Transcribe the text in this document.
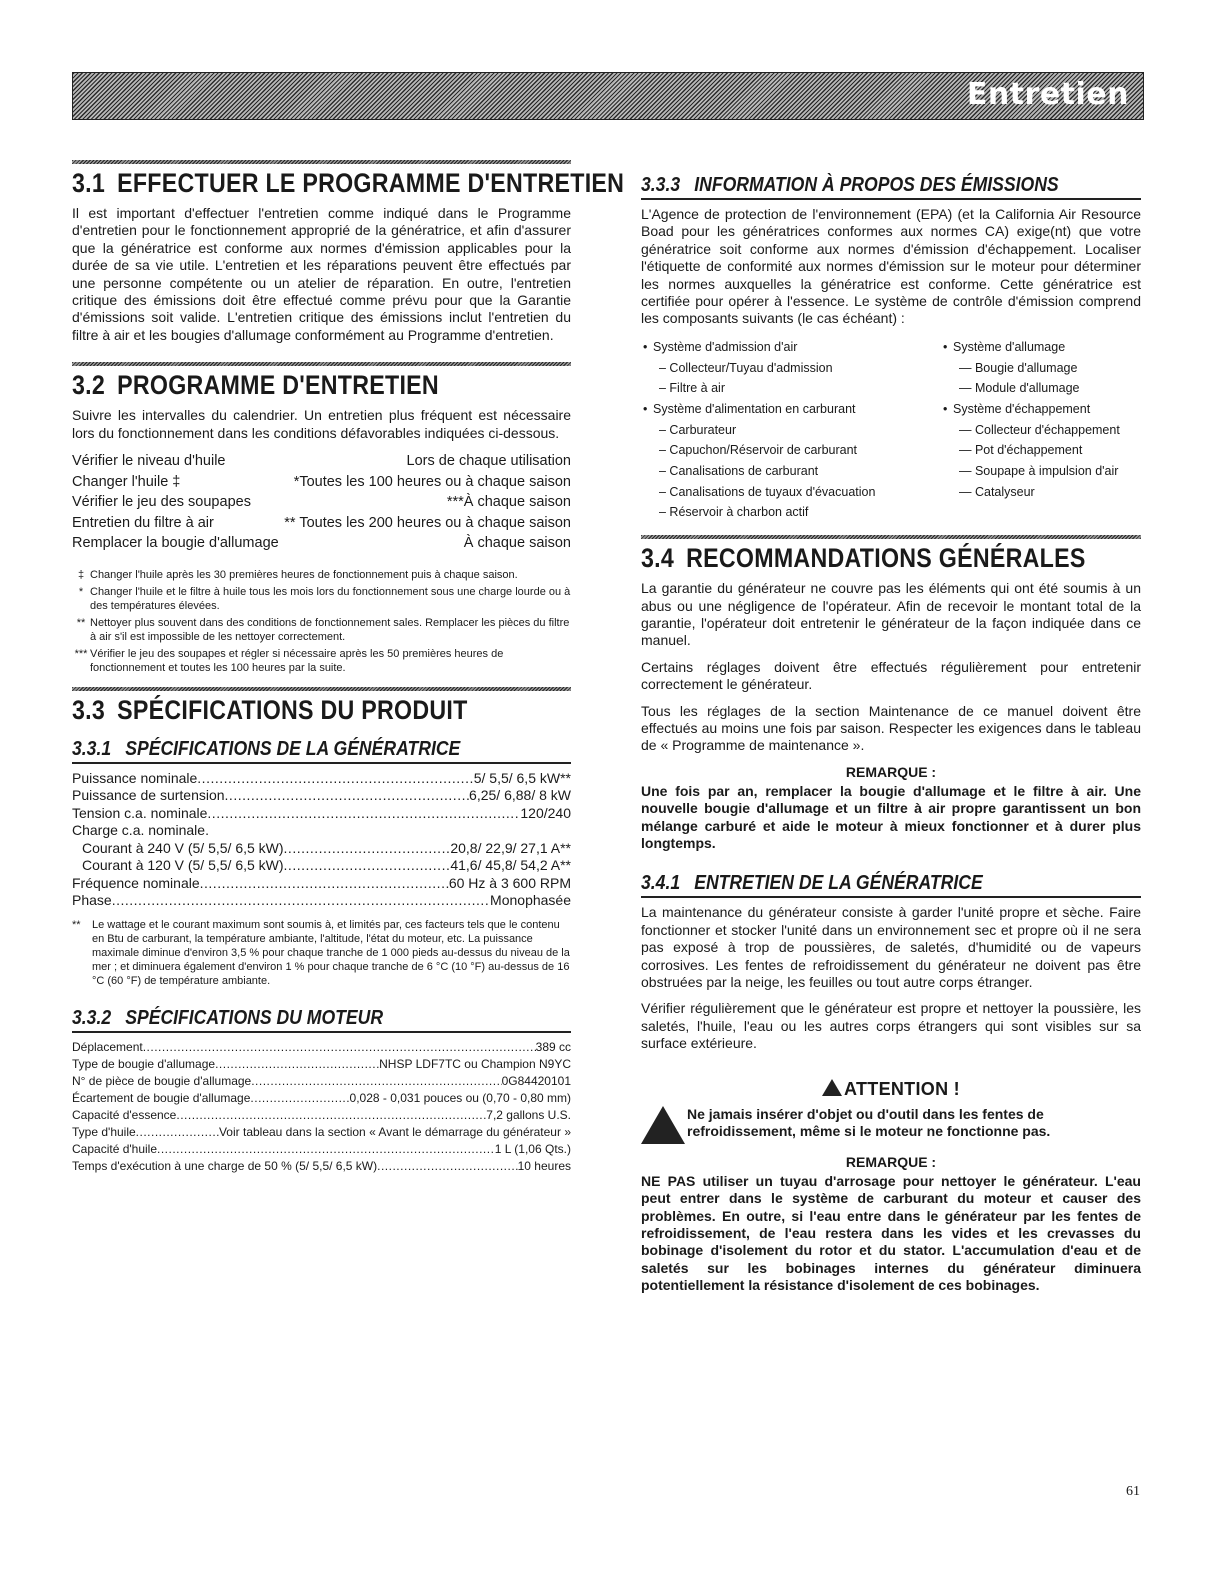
Entretien
3.1 EFFECTUER LE PROGRAMME D'ENTRETIEN

Il est important d'effectuer l'entretien comme indiqué dans le Programme d'entretien pour le fonctionnement approprié de la génératrice, et afin d'assurer que la génératrice est conforme aux normes d'émission applicables pour la durée de sa vie utile. L'entretien et les réparations peuvent être effectués par une personne compétente ou un atelier de réparation. En outre, l'entretien critique des émissions doit être effectué comme prévu pour que la Garantie d'émissions soit valide. L'entretien critique des émissions inclut l'entretien du filtre à air et les bougies d'allumage conformément au Programme d'entretien.

3.2 PROGRAMME D'ENTRETIEN

Suivre les intervalles du calendrier. Un entretien plus fréquent est nécessaire lors du fonctionnement dans les conditions défavorables indiquées ci-dessous.

Vérifier le niveau d'huile	Lors de chaque utilisation
Changer l'huile ‡	*Toutes les 100 heures ou à chaque saison
Vérifier le jeu des soupapes	***À chaque saison
Entretien du filtre à air	** Toutes les 200 heures ou à chaque saison
Remplacer la bougie d'allumage	À chaque saison
‡ Changer l'huile après les 30 premières heures de fonctionnement puis à chaque saison.
* Changer l'huile et le filtre à huile tous les mois lors du fonctionnement sous une charge lourde ou à des températures élevées.
** Nettoyer plus souvent dans des conditions de fonctionnement sales. Remplacer les pièces du filtre à air s'il est impossible de les nettoyer correctement.
*** Vérifier le jeu des soupapes et régler si nécessaire après les 50 premières heures de fonctionnement et toutes les 100 heures par la suite.
3.3 SPÉCIFICATIONS DU PRODUIT
3.3.1 SPÉCIFICATIONS DE LA GÉNÉRATRICE
Puissance nominale .....	5/ 5,5/ 6,5 kW**
Puissance de surtension .....	6,25/ 6,88/ 8 kW
Tension c.a. nominale .....	120/240
Charge c.a. nominale.
Courant à 240 V (5/ 5,5/ 6,5 kW) .....	20,8/ 22,9/ 27,1 A**
Courant à 120 V (5/ 5,5/ 6,5 kW) .....	41,6/ 45,8/ 54,2 A**
Fréquence nominale .....	60 Hz à 3 600 RPM
Phase .....	Monophasée
**	Le wattage et le courant maximum sont soumis à, et limités par, ces facteurs tels que le contenu en Btu de carburant, la température ambiante, l'altitude, l'état du moteur, etc. La puissance maximale diminue d'environ 3,5 % pour chaque tranche de 1 000 pieds au-dessus du niveau de la mer ; et diminuera également d'environ 1 % pour chaque tranche de 6 °C (10 °F) au-dessus de 16 °C (60 °F) de température ambiante.
3.3.2 SPÉCIFICATIONS DU MOTEUR
Déplacement .....	389 cc
Type de bougie d'allumage .....	NHSP LDF7TC ou Champion N9YC
N° de pièce de bougie d'allumage .....	0G84420101
Écartement de bougie d'allumage .....	0,028 - 0,031 pouces ou (0,70 - 0,80 mm)
Capacité d'essence .....	7,2 gallons U.S.
Type d'huile .....	Voir tableau dans la section « Avant le démarrage du générateur »
Capacité d'huile .....	1 L (1,06 Qts.)
Temps d'exécution à une charge de 50 % (5/ 5,5/ 6,5 kW) .....	10 heures
3.3.3 INFORMATION À PROPOS DES ÉMISSIONS

L'Agence de protection de l'environnement (EPA) (et la California Air Resource Boad pour les génératrices conformes aux normes CA) exige(nt) que votre génératrice soit conforme aux normes d'émission d'échappement. Localiser l'étiquette de conformité aux normes d'émission sur le moteur pour déterminer les normes auxquelles la génératrice est conforme. Cette génératrice est certifiée pour opérer à l'essence. Le système de contrôle d'émission comprend les composants suivants (le cas échéant) :

• Système d'admission d'air
– Collecteur/Tuyau d'admission
– Filtre à air
• Système d'alimentation en carburant
– Carburateur
– Capuchon/Réservoir de carburant
– Canalisations de carburant
– Canalisations de tuyaux d'évacuation
– Réservoir à charbon actif
• Système d'allumage
— Bougie d'allumage
— Module d'allumage
• Système d'échappement
— Collecteur d'échappement
— Pot d'échappement
— Soupape à impulsion d'air
— Catalyseur
3.4 RECOMMANDATIONS GÉNÉRALES

La garantie du générateur ne couvre pas les éléments qui ont été soumis à un abus ou une négligence de l'opérateur. Afin de recevoir le montant total de la garantie, l'opérateur doit entretenir le générateur de la façon indiquée dans ce manuel.

Certains réglages doivent être effectués régulièrement pour entretenir correctement le générateur.

Tous les réglages de la section Maintenance de ce manuel doivent être effectués au moins une fois par saison. Respecter les exigences dans le tableau de « Programme de maintenance ».

REMARQUE :
Une fois par an, remplacer la bougie d'allumage et le filtre à air. Une nouvelle bougie d'allumage et un filtre à air propre garantissent un bon mélange carburé et aide le moteur à mieux fonctionner et à durer plus longtemps.
3.4.1 ENTRETIEN DE LA GÉNÉRATRICE

La maintenance du générateur consiste à garder l'unité propre et sèche. Faire fonctionner et stocker l'unité dans un environnement sec et propre où il ne sera pas exposé à trop de poussières, de saletés, d'humidité ou de vapeurs corrosives. Les fentes de refroidissement du générateur ne doivent pas être obstruées par la neige, les feuilles ou tout autre corps étranger.

Vérifier régulièrement que le générateur est propre et nettoyer la poussière, les saletés, l'huile, l'eau ou les autres corps étrangers qui sont visibles sur sa surface extérieure.

ATTENTION !
Ne jamais insérer d'objet ou d'outil dans les fentes de refroidissement, même si le moteur ne fonctionne pas.
REMARQUE :
NE PAS utiliser un tuyau d'arrosage pour nettoyer le générateur. L'eau peut entrer dans le système de carburant du moteur et causer des problèmes. En outre, si l'eau entre dans le générateur par les fentes de refroidissement, de l'eau restera dans les vides et les crevasses du bobinage d'isolement du rotor et du stator. L'accumulation d'eau et de saletés sur les bobinages internes du générateur diminuera potentiellement la résistance d'isolement de ces bobinages.
61
